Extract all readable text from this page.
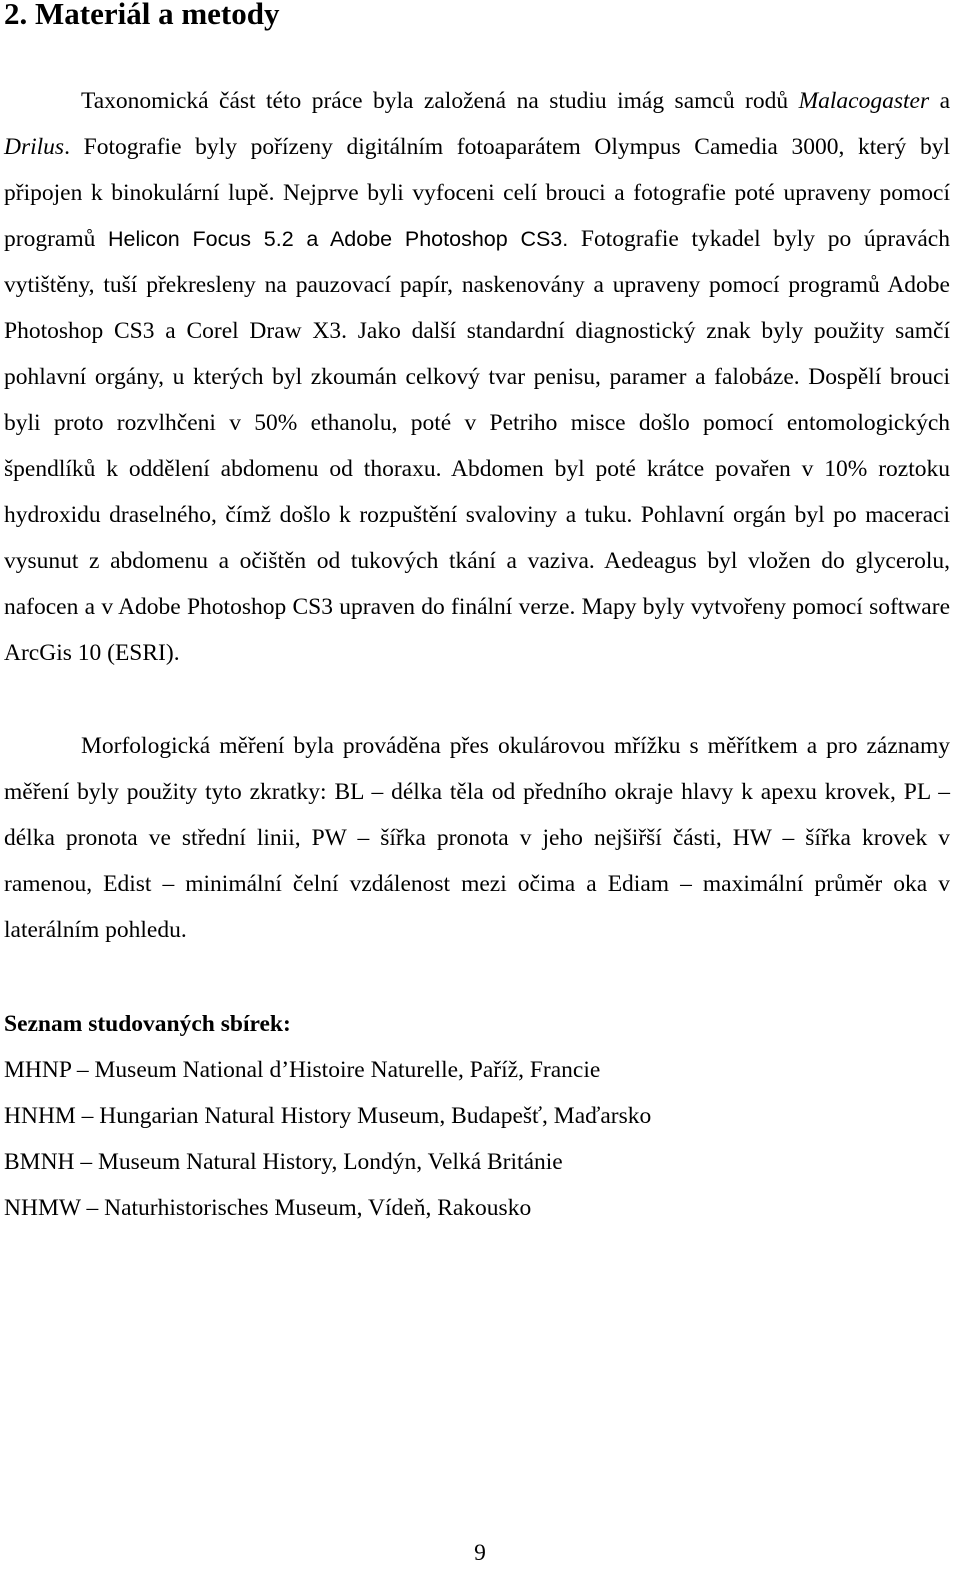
2. Materiál a metody

Taxonomická část této práce byla založená na studiu imág samců rodů Malacogaster a Drilus. Fotografie byly pořízeny digitálním fotoaparátem Olympus Camedia 3000, který byl připojen k binokulární lupě. Nejprve byli vyfoceni celí brouci a fotografie poté upraveny pomocí programů Helicon Focus 5.2 a Adobe Photoshop CS3. Fotografie tykadel byly po úpravách vytištěny, tuší překresleny na pauzovací papír, naskenovány a upraveny pomocí programů Adobe Photoshop CS3 a Corel Draw X3. Jako další standardní diagnostický znak byly použity samčí pohlavní orgány, u kterých byl zkoumán celkový tvar penisu, paramer a falobáze. Dospělí brouci byli proto rozvlhčeni v 50% ethanolu, poté v Petriho misce došlo pomocí entomologických špendlíků k oddělení abdomenu od thoraxu. Abdomen byl poté krátce povařen v 10% roztoku hydroxidu draselného, čímž došlo k rozpuštění svaloviny a tuku. Pohlavní orgán byl po maceraci vysunut z abdomenu a očištěn od tukových tkání a vaziva. Aedeagus byl vložen do glycerolu, nafocen a v Adobe Photoshop CS3 upraven do finální verze. Mapy byly vytvořeny pomocí software ArcGis 10 (ESRI).

Morfologická měření byla prováděna přes okulárovou mřížku s měřítkem a pro záznamy měření byly použity tyto zkratky: BL – délka těla od předního okraje hlavy k apexu krovek, PL – délka pronota ve střední linii, PW – šířka pronota v jeho nejšiřší části, HW – šířka krovek v ramenou, Edist – minimální čelní vzdálenost mezi očima a Ediam – maximální průměr oka v laterálním pohledu.

Seznam studovaných sbírek:
MHNP – Museum National d’Histoire Naturelle, Paříž, Francie
HNHM – Hungarian Natural History Museum, Budapešť, Maďarsko
BMNH – Museum Natural History, Londýn, Velká Británie
NHMW – Naturhistorisches Museum, Vídeň, Rakousko
9
